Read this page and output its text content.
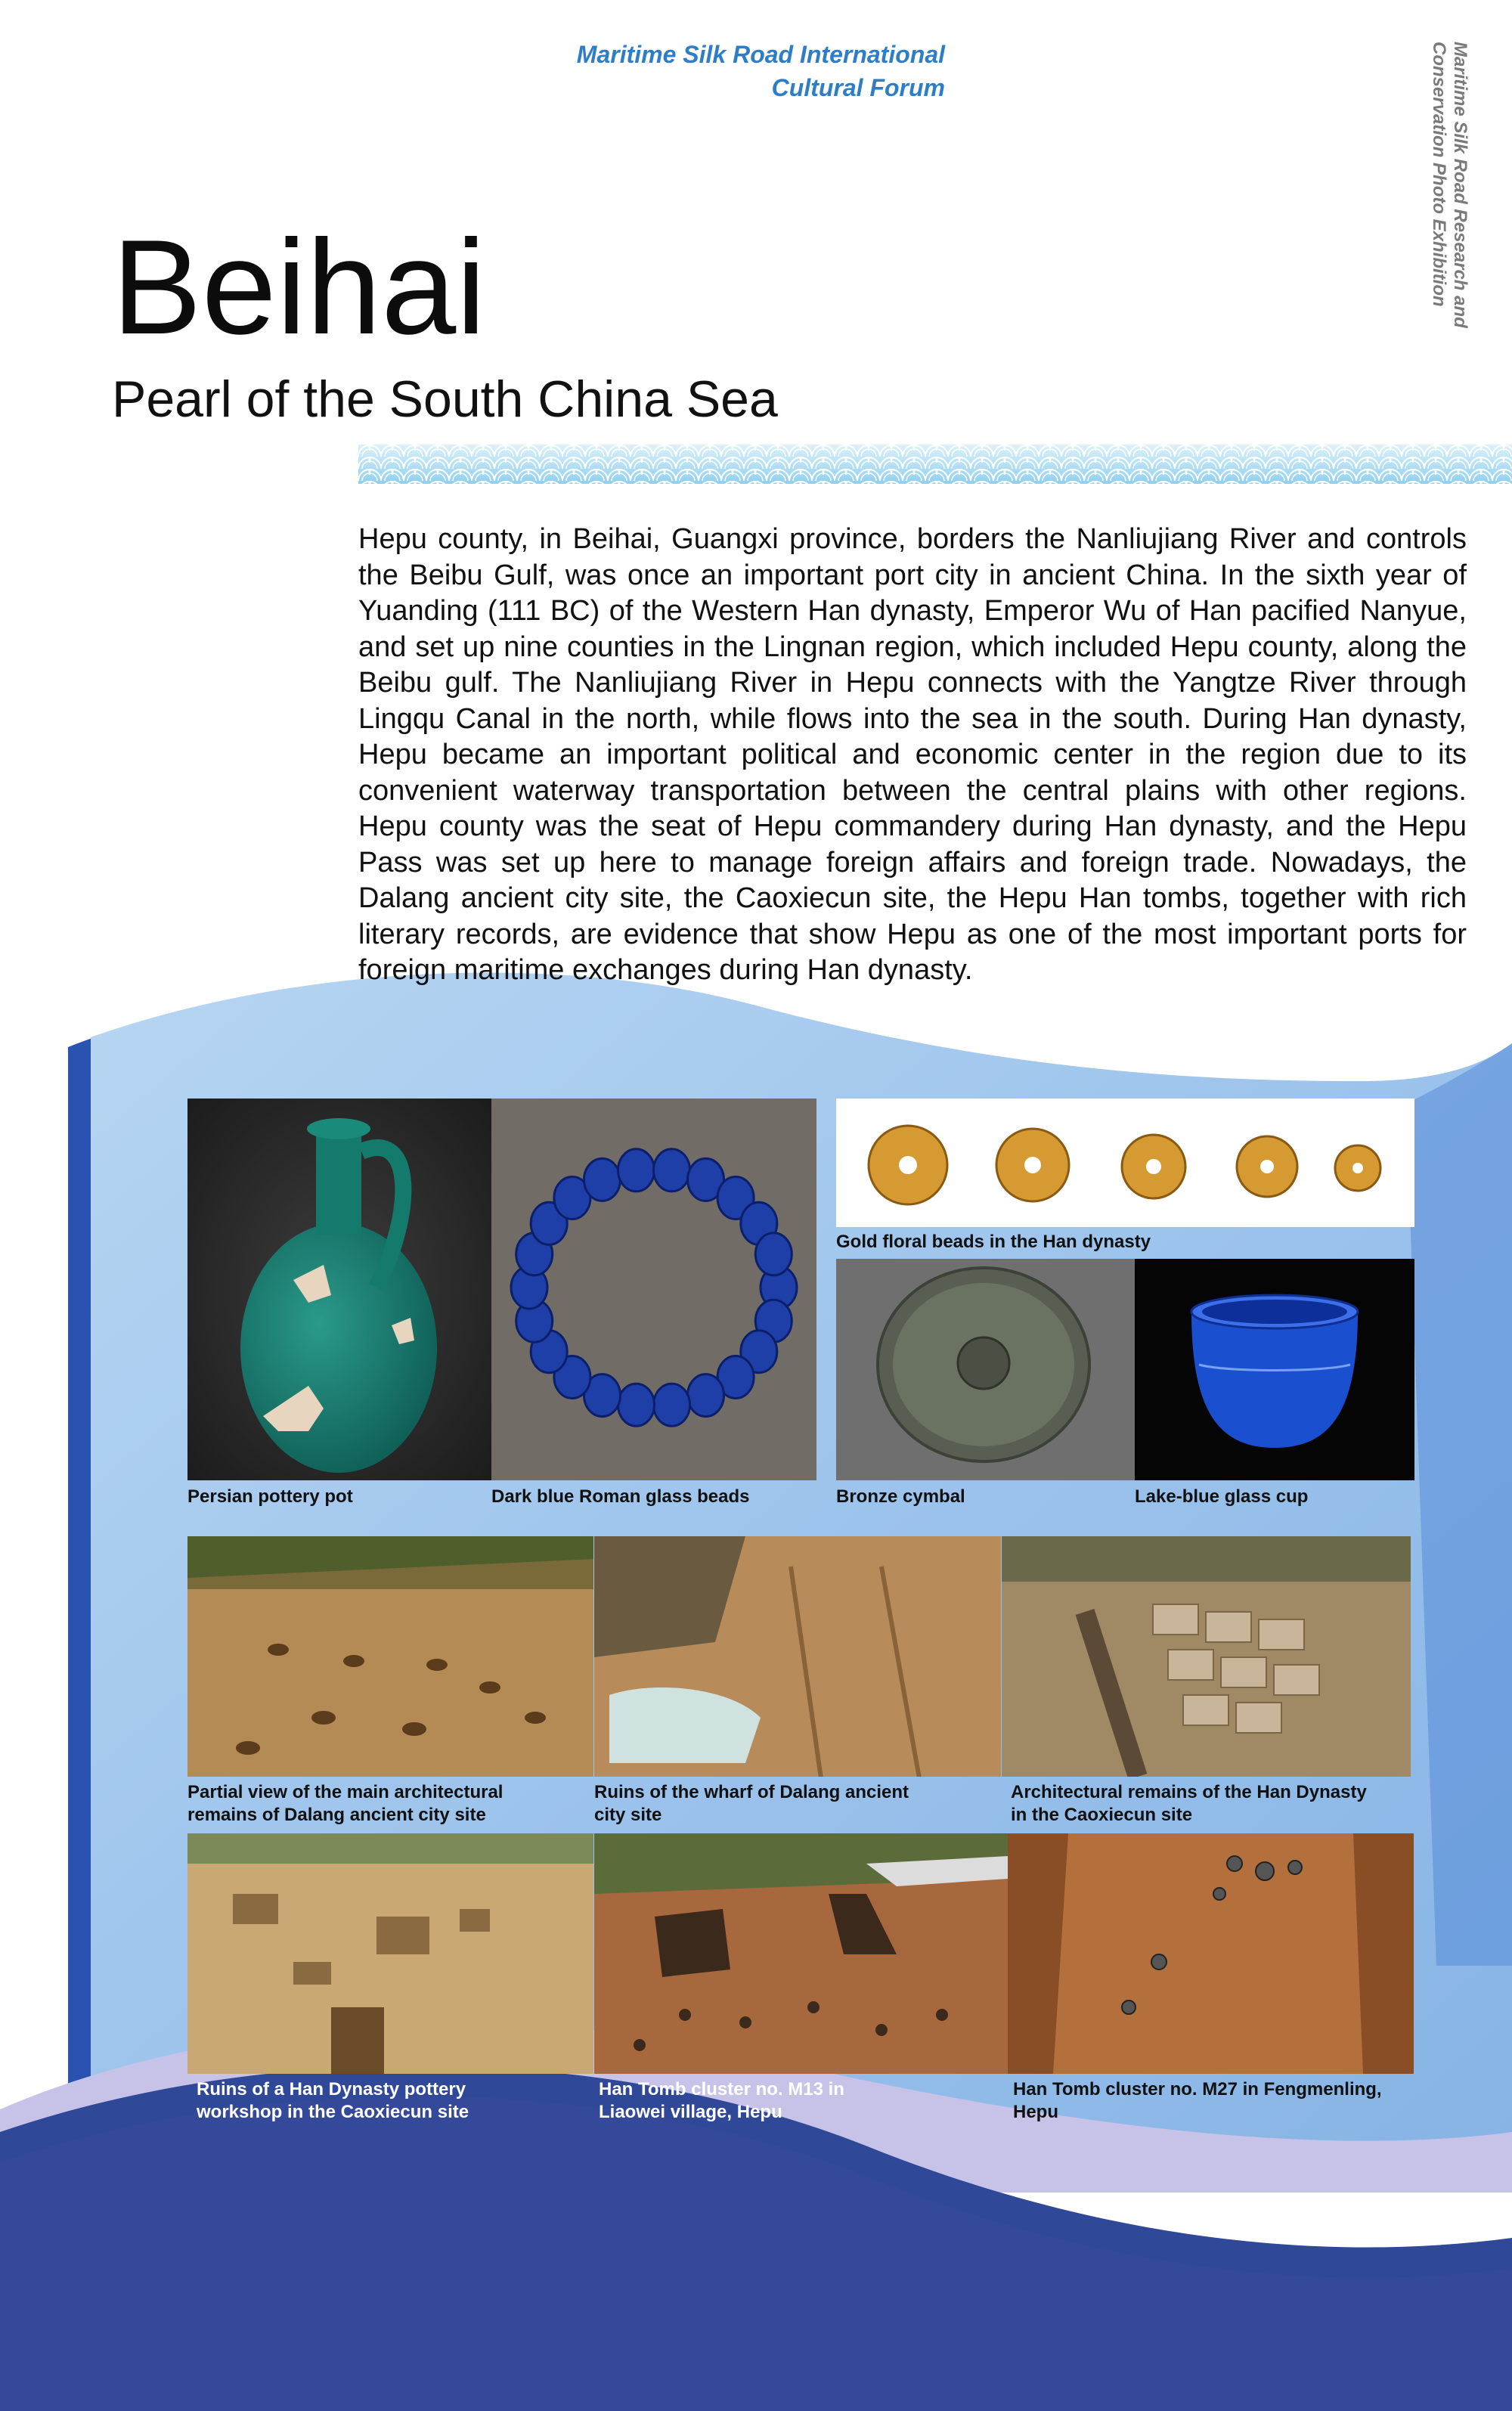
Maritime Silk Road International
Cultural Forum	Maritime Silk Road Research and
Conservation Photo Exhibition
Beihai
Pearl of the South China Sea
Hepu county, in Beihai, Guangxi province, borders the Nanliujiang River and controls the Beibu Gulf, was once an important port city in ancient China. In the sixth year of Yuanding (111 BC) of the Western Han dynasty, Emperor Wu of Han pacified Nanyue, and set up nine counties in the Lingnan region, which included Hepu county, along the Beibu gulf. The Nanliujiang River in Hepu connects with the Yangtze River through Lingqu Canal in the north, while flows into the sea in the south. During Han dynasty, Hepu became an important political and economic center in the region due to its convenient waterway transportation between the central plains with other regions. Hepu county was the seat of Hepu commandery during Han dynasty, and the Hepu Pass was set up here to manage foreign affairs and foreign trade. Nowadays, the Dalang ancient city site, the Caoxiecun site, the Hepu Han tombs, together with rich literary records, are evidence that show Hepu as one of the most important ports for foreign maritime exchanges during Han dynasty.
Persian pottery pot	Dark blue Roman glass beads
Gold floral beads in the Han dynasty
Bronze cymbal	Lake-blue glass cup
Partial view of the main architectural
remains of Dalang ancient city site
Ruins of the wharf of Dalang ancient
city site
Architectural remains of the Han Dynasty
in the Caoxiecun site
Ruins of a Han Dynasty pottery
workshop in the Caoxiecun site
Han Tomb cluster no. M13 in
Liaowei village, Hepu
Han Tomb cluster no. M27 in Fengmenling,
Hepu
